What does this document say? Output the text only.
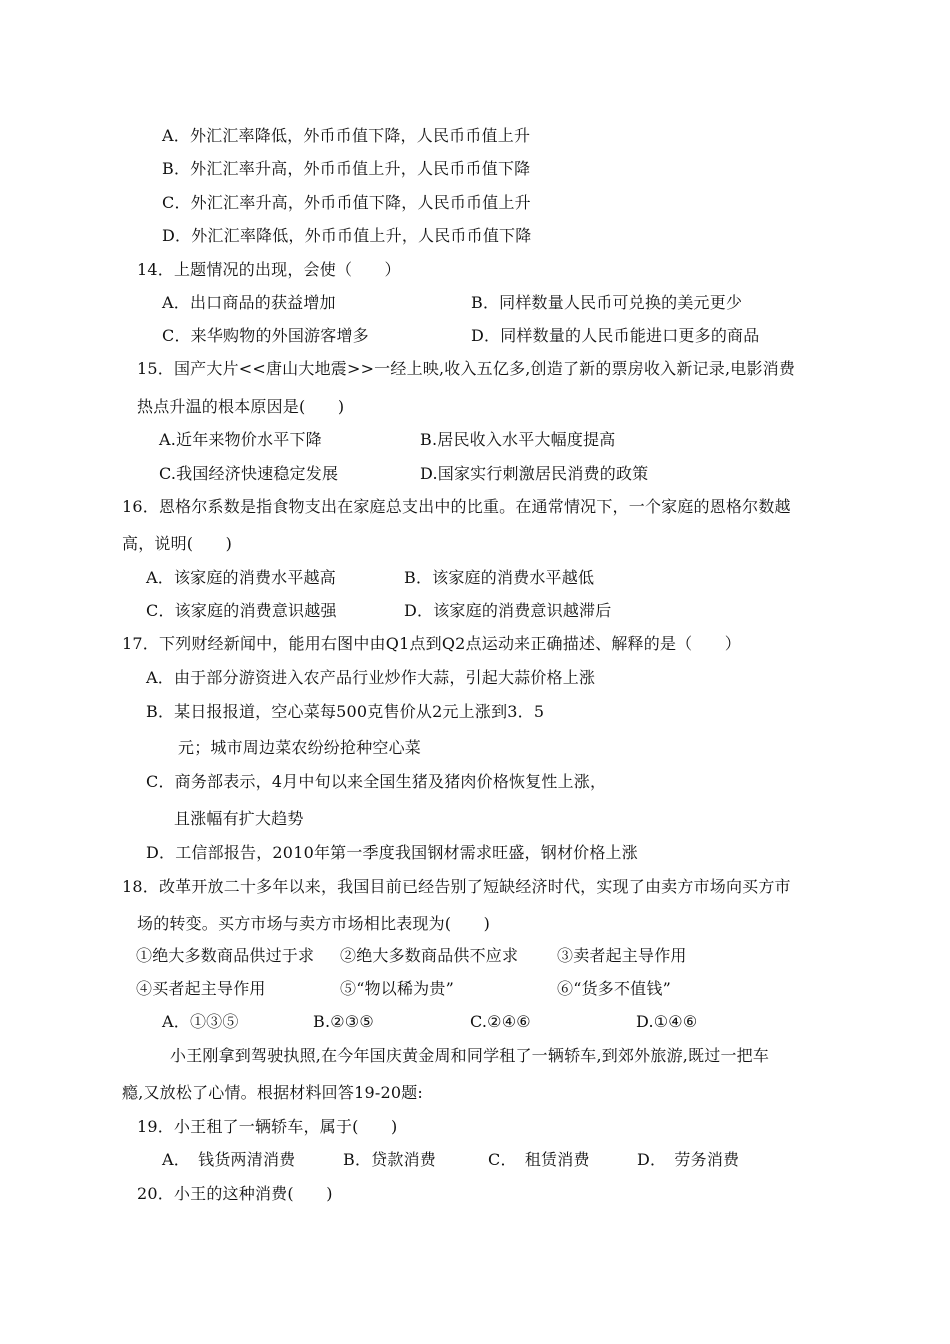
A．外汇汇率降低，外币币值下降，人民币币值上升
B．外汇汇率升高，外币币值上升，人民币币值下降
C．外汇汇率升高，外币币值下降，人民币币值上升
D．外汇汇率降低，外币币值上升，人民币币值下降
14．上题情况的出现，会使（　　）
A．出口商品的获益增加	B．同样数量人民币可兑换的美元更少
C．来华购物的外国游客增多	D．同样数量的人民币能进口更多的商品
15．国产大片<<唐山大地震>>一经上映,收入五亿多,创造了新的票房收入新记录,电影消费
热点升温的根本原因是(　　)
A.近年来物价水平下降	B.居民收入水平大幅度提高
C.我国经济快速稳定发展	D.国家实行刺激居民消费的政策
16．恩格尔系数是指食物支出在家庭总支出中的比重。在通常情况下，一个家庭的恩格尔数越
高，说明(　　)
A．该家庭的消费水平越高	B．该家庭的消费水平越低
C．该家庭的消费意识越强	D．该家庭的消费意识越滞后
17．下列财经新闻中，能用右图中由Q1点到Q2点运动来正确描述、解释的是（　　）
A．由于部分游资进入农产品行业炒作大蒜，引起大蒜价格上涨
B．某日报报道，空心菜每500克售价从2元上涨到3．5
元；城市周边菜农纷纷抢种空心菜
C．商务部表示，4月中旬以来全国生猪及猪肉价格恢复性上涨，
且涨幅有扩大趋势
D．工信部报告，2010年第一季度我国钢材需求旺盛，钢材价格上涨
18．改革开放二十多年以来，我国目前已经告别了短缺经济时代，实现了由卖方市场向买方市
场的转变。买方市场与卖方市场相比表现为(　　)
①绝大多数商品供过于求 ②绝大多数商品供不应求 ③卖者起主导作用
④买者起主导作用	⑤“物以稀为贵”	⑥“货多不值钱”
A．①③⑤	B.②③⑤	C.②④⑥	D.①④⑥
小王刚拿到驾驶执照,在今年国庆黄金周和同学租了一辆轿车,到郊外旅游,既过一把车
瘾,又放松了心情。根据材料回答19-20题:
19．小王租了一辆轿车，属于(　　)
A．　钱货两清消费	B．贷款消费	C．　租赁消费	D．　劳务消费
20．小王的这种消费(　　)
